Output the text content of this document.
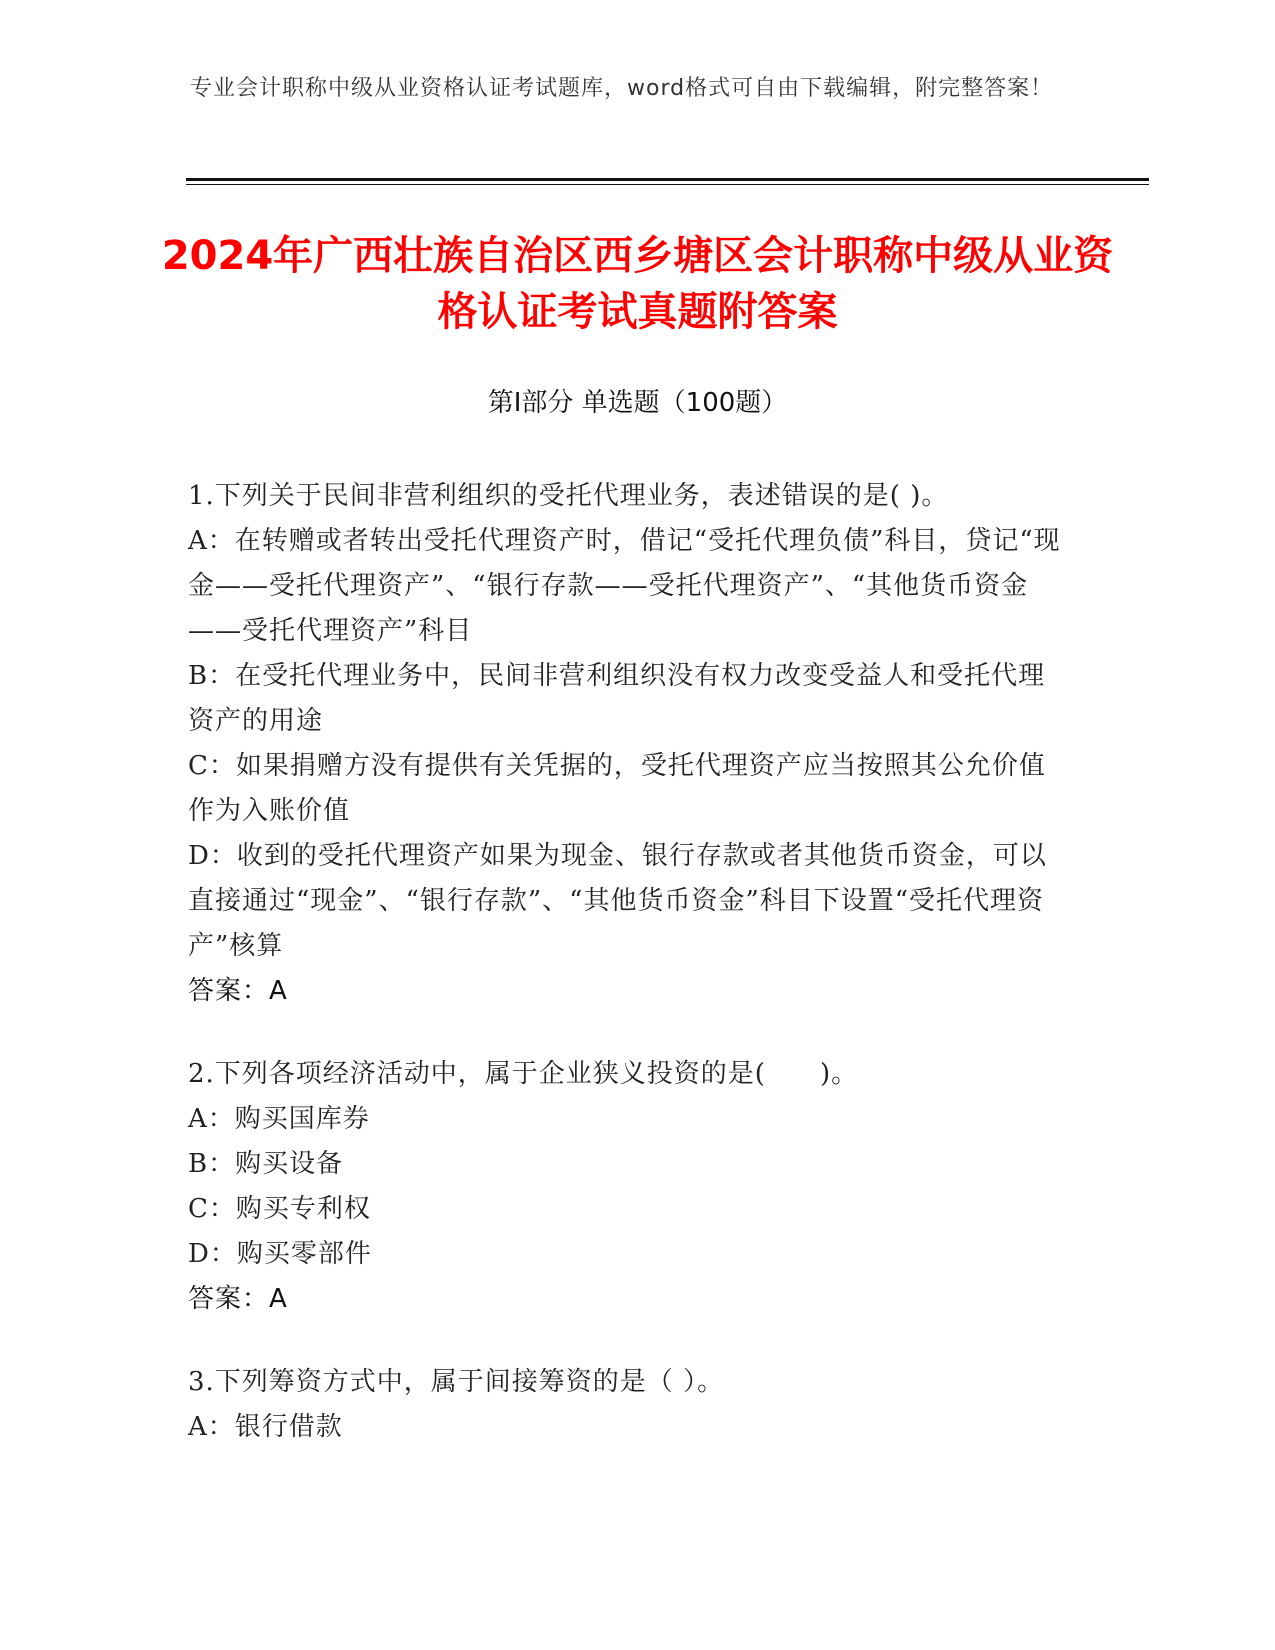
专业会计职称中级从业资格认证考试题库，word格式可自由下载编辑，附完整答案！
2024年广西壮族自治区西乡塘区会计职称中级从业资格认证考试真题附答案
第Ⅰ部分 单选题（100题）

1.下列关于民间非营利组织的受托代理业务，表述错误的是( )。

A：在转赠或者转出受托代理资产时，借记“受托代理负债”科目，贷记“现金——受托代理资产”、“银行存款——受托代理资产”、“其他货币资金——受托代理资产”科目

B：在受托代理业务中，民间非营利组织没有权力改变受益人和受托代理资产的用途

C：如果捐赠方没有提供有关凭据的，受托代理资产应当按照其公允价值作为入账价值

D：收到的受托代理资产如果为现金、银行存款或者其他货币资金，可以直接通过“现金”、“银行存款”、“其他货币资金”科目下设置“受托代理资产”核算

答案：A

2.下列各项经济活动中，属于企业狭义投资的是(　　)。

A：购买国库券

B：购买设备

C：购买专利权

D：购买零部件

答案：A

3.下列筹资方式中，属于间接筹资的是（ ）。

A：银行借款
